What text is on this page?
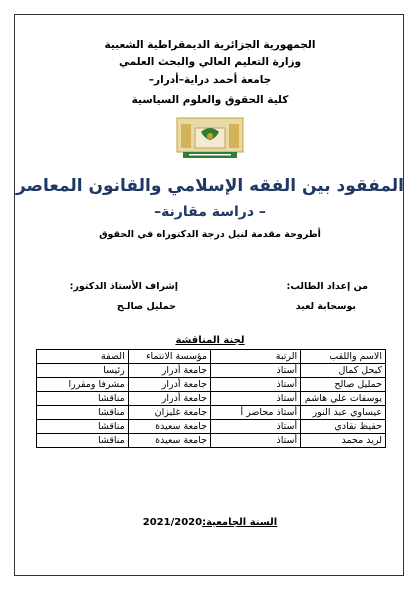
الجمهورية الجزائرية الديمقراطية الشعبية
وزارة التعليم العالي والبحث العلمي
جامعة أحمد دراية–أدرار–
كلية الحقوق والعلوم السياسية
المفقود بين الفقه الإسلامي والقانون المعاصر
– دراسة مقارنة–
أطروحة مقدمة لنيل درجة الدكتوراه في الحقوق
من إعداد الطالب:
بوسحابة لعيد
إشراف الأستاذ الدكتور:
حمليل صالـح
لجنة المناقشة
الاسم واللقب	الرتبة	مؤسسة الانتماء	الصفة
كيحل كمال	أستاذ	جامعة أدرار	رئيسا
حمليل صالح	أستاذ	جامعة أدرار	مشرفا ومقررا
يوسفات علي هاشم	أستاذ	جامعة أدرار	مناقشا
عيساوي عبد النور	أستاذ محاضر أ	جامعة غليزان	مناقشا
حفيظ نقادي	أستاذ	جامعة سعيدة	مناقشا
لريد محمد	أستاذ	جامعة سعيدة	مناقشا
السنة الجامعية:2021/2020
